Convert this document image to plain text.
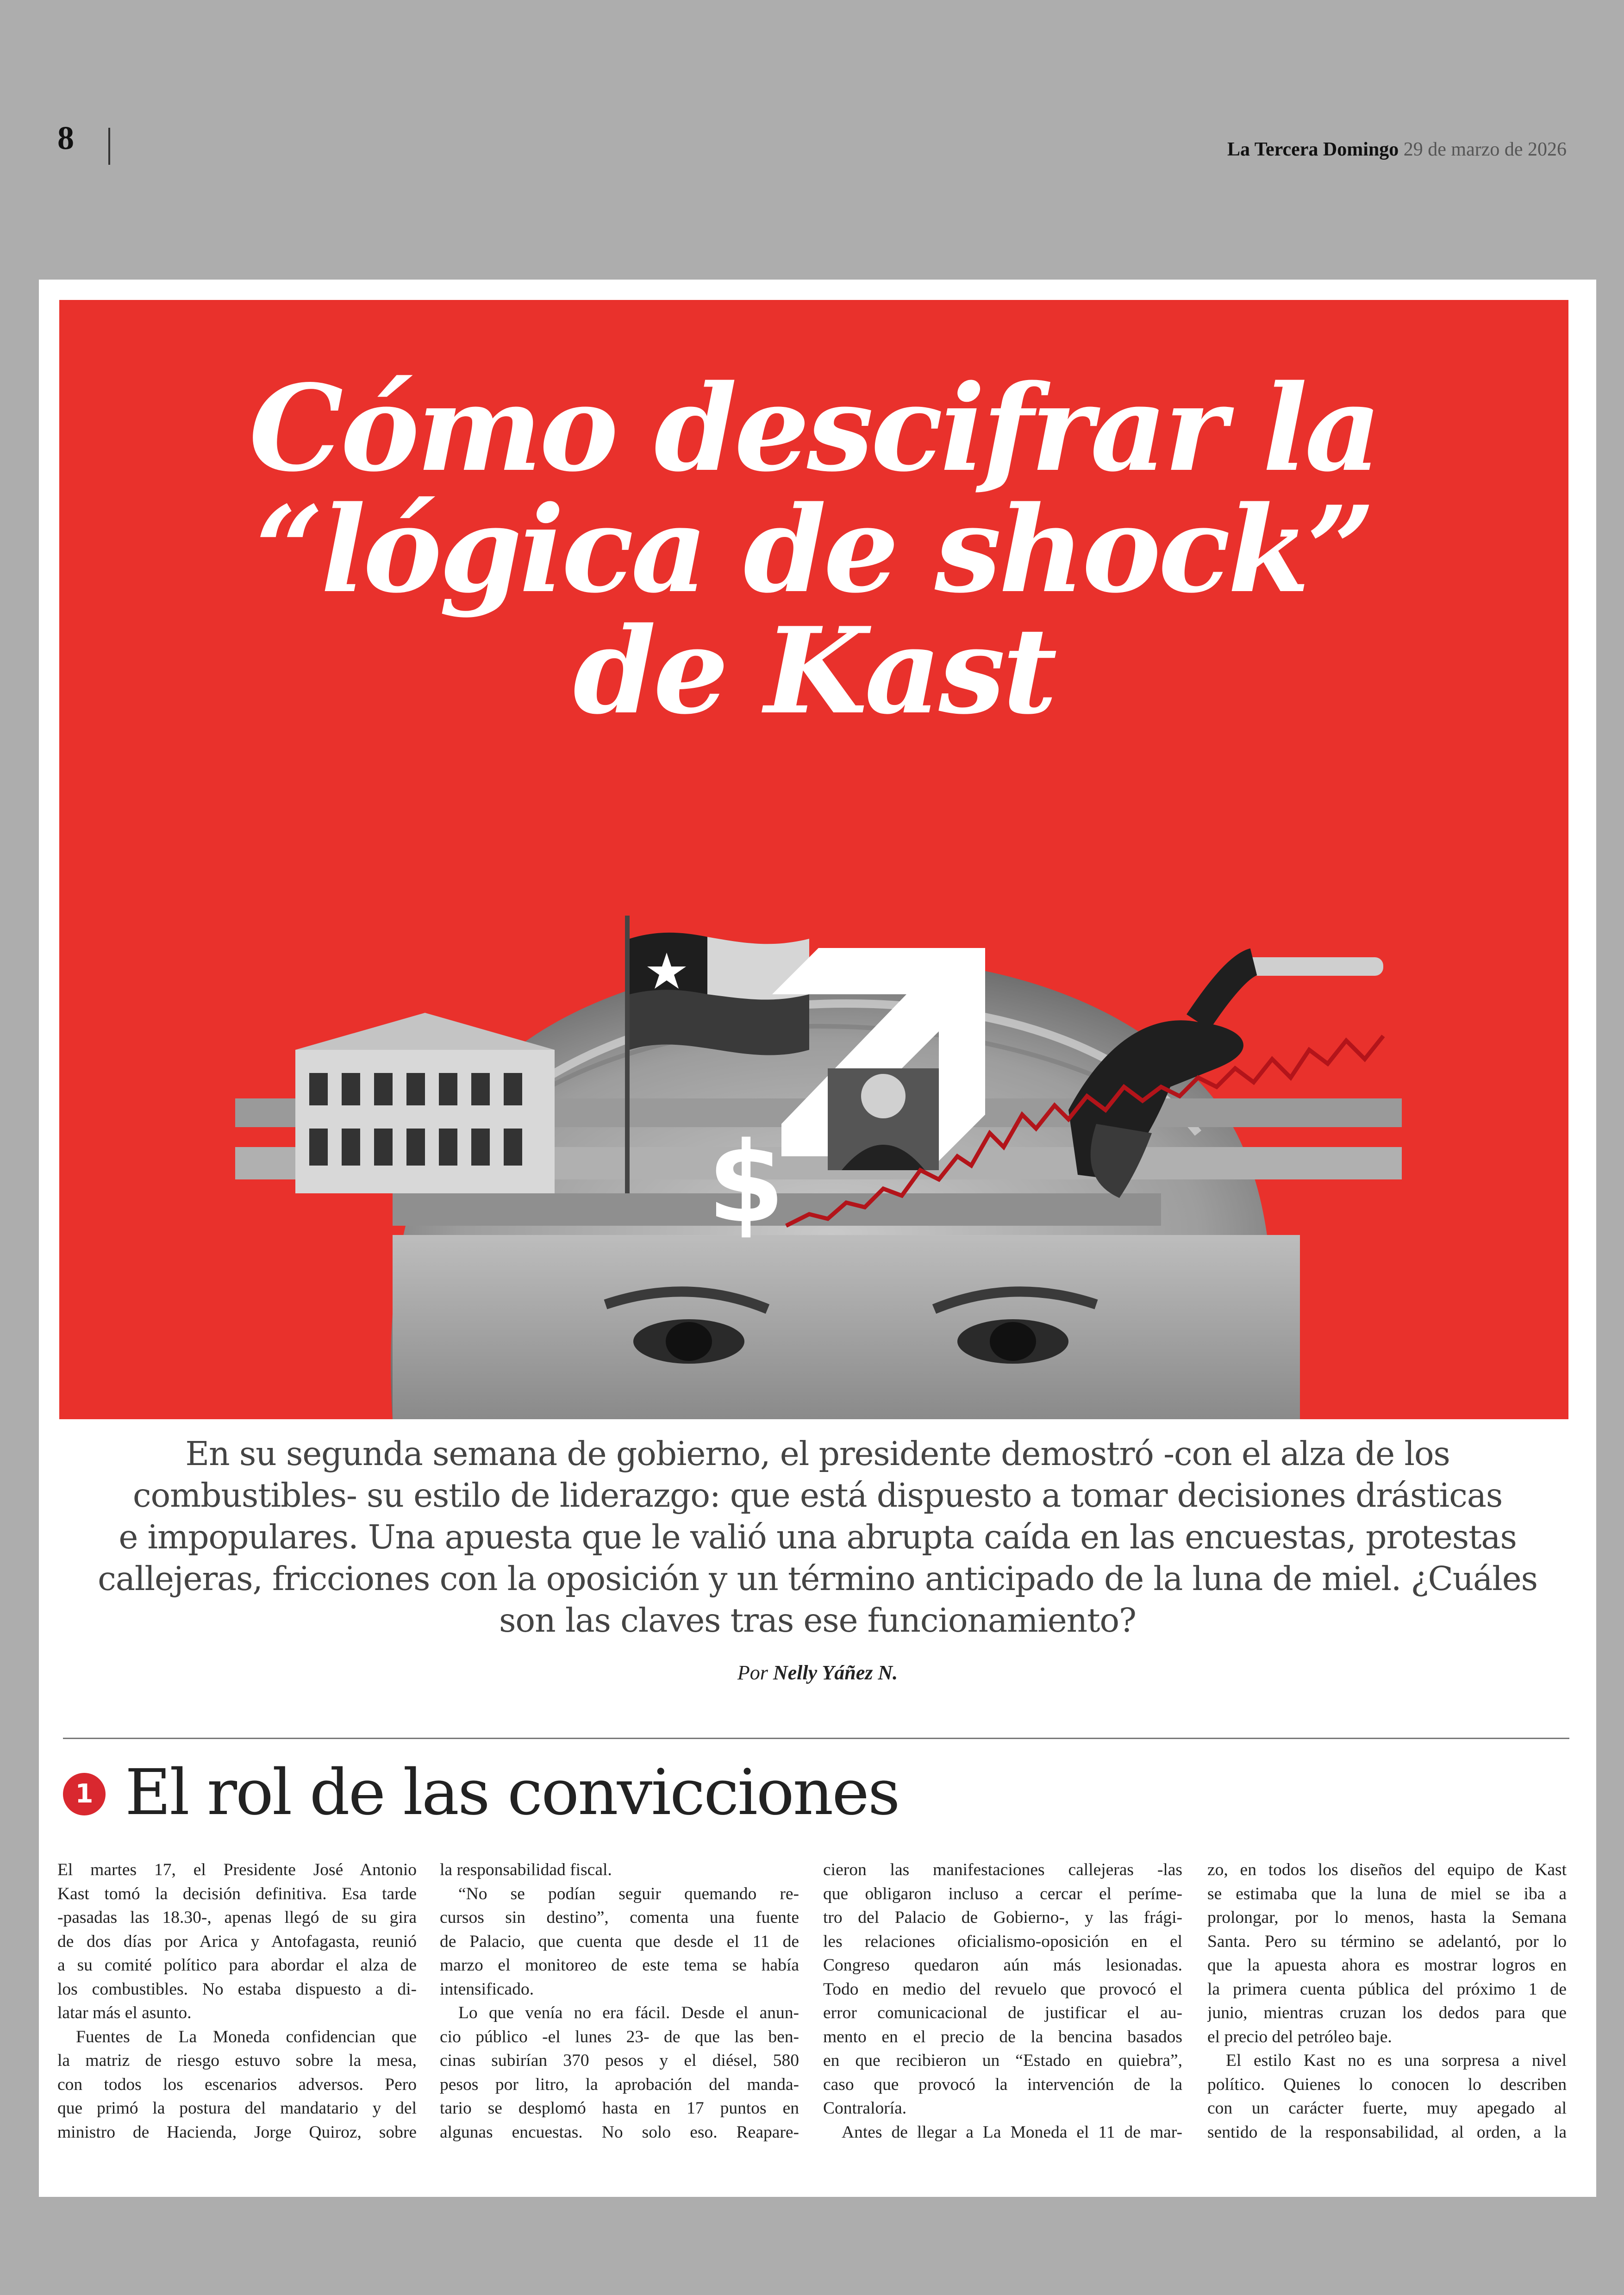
8	La Tercera Domingo 29 de marzo de 2026
$
Cómo descifrar la
“lógica de shock”
de Kast
En su segunda semana de gobierno, el presidente demostró -con el alza de los
combustibles- su estilo de liderazgo: que está dispuesto a tomar decisiones drásticas
e impopulares. Una apuesta que le valió una abrupta caída en las encuestas, protestas
callejeras, fricciones con la oposición y un término anticipado de la luna de miel. ¿Cuáles
son las claves tras ese funcionamiento?
Por Nelly Yáñez N.
1 El rol de las convicciones
El martes 17, el Presidente José Antonio
Kast tomó la decisión definitiva. Esa tarde
-pasadas las 18.30-, apenas llegó de su gira
de dos días por Arica y Antofagasta, reunió
a su comité político para abordar el alza de
los combustibles. No estaba dispuesto a di-
latar más el asunto.
Fuentes de La Moneda confidencian que
la matriz de riesgo estuvo sobre la mesa,
con todos los escenarios adversos. Pero
que primó la postura del mandatario y del
ministro de Hacienda, Jorge Quiroz, sobre
la responsabilidad fiscal.
“No se podían seguir quemando re-
cursos sin destino”, comenta una fuente
de Palacio, que cuenta que desde el 11 de
marzo el monitoreo de este tema se había
intensificado.
Lo que venía no era fácil. Desde el anun-
cio público -el lunes 23- de que las ben-
cinas subirían 370 pesos y el diésel, 580
pesos por litro, la aprobación del manda-
tario se desplomó hasta en 17 puntos en
algunas encuestas. No solo eso. Reapare-
cieron las manifestaciones callejeras -las
que obligaron incluso a cercar el períme-
tro del Palacio de Gobierno-, y las frági-
les relaciones oficialismo-oposición en el
Congreso quedaron aún más lesionadas.
Todo en medio del revuelo que provocó el
error comunicacional de justificar el au-
mento en el precio de la bencina basados
en que recibieron un “Estado en quiebra”,
caso que provocó la intervención de la
Contraloría.
Antes de llegar a La Moneda el 11 de mar-
zo, en todos los diseños del equipo de Kast
se estimaba que la luna de miel se iba a
prolongar, por lo menos, hasta la Semana
Santa. Pero su término se adelantó, por lo
que la apuesta ahora es mostrar logros en
la primera cuenta pública del próximo 1 de
junio, mientras cruzan los dedos para que
el precio del petróleo baje.
El estilo Kast no es una sorpresa a nivel
político. Quienes lo conocen lo describen
con un carácter fuerte, muy apegado al
sentido de la responsabilidad, al orden, a la
